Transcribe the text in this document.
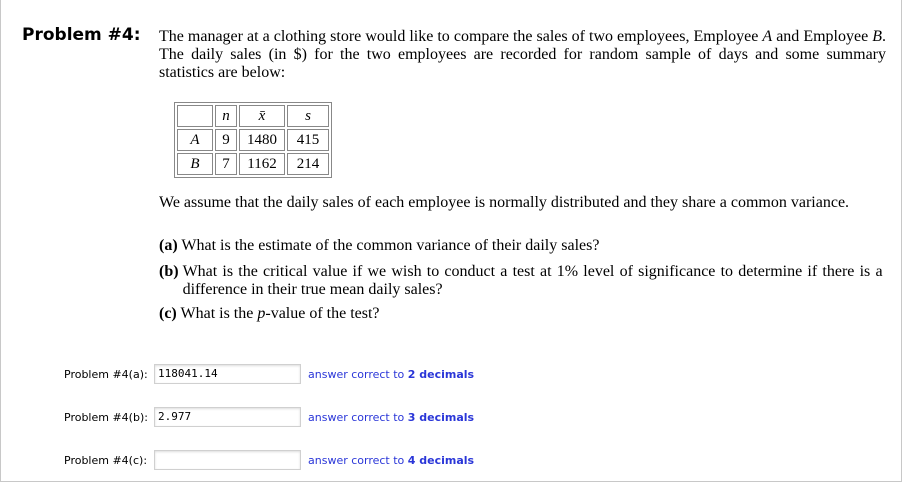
Problem #4: The manager at a clothing store would like to compare the sales of two employees, Employee A and Employee B. The daily sales (in $) for the two employees are recorded for random sample of days and some summary statistics are below:
	n	x̄	s
A	9	1480	415
B	7	1162	214
We assume that the daily sales of each employee is normally distributed and they share a common variance.
(a) What is the estimate of the common variance of their daily sales?
(b) What is the critical value if we wish to conduct a test at 1% level of significance to determine if there is a difference in their true mean daily sales?
(c) What is the p-value of the test?
Problem #4(a): 118041.14	answer correct to 2 decimals
Problem #4(b): 2.977	answer correct to 3 decimals
Problem #4(c):	answer correct to 4 decimals
